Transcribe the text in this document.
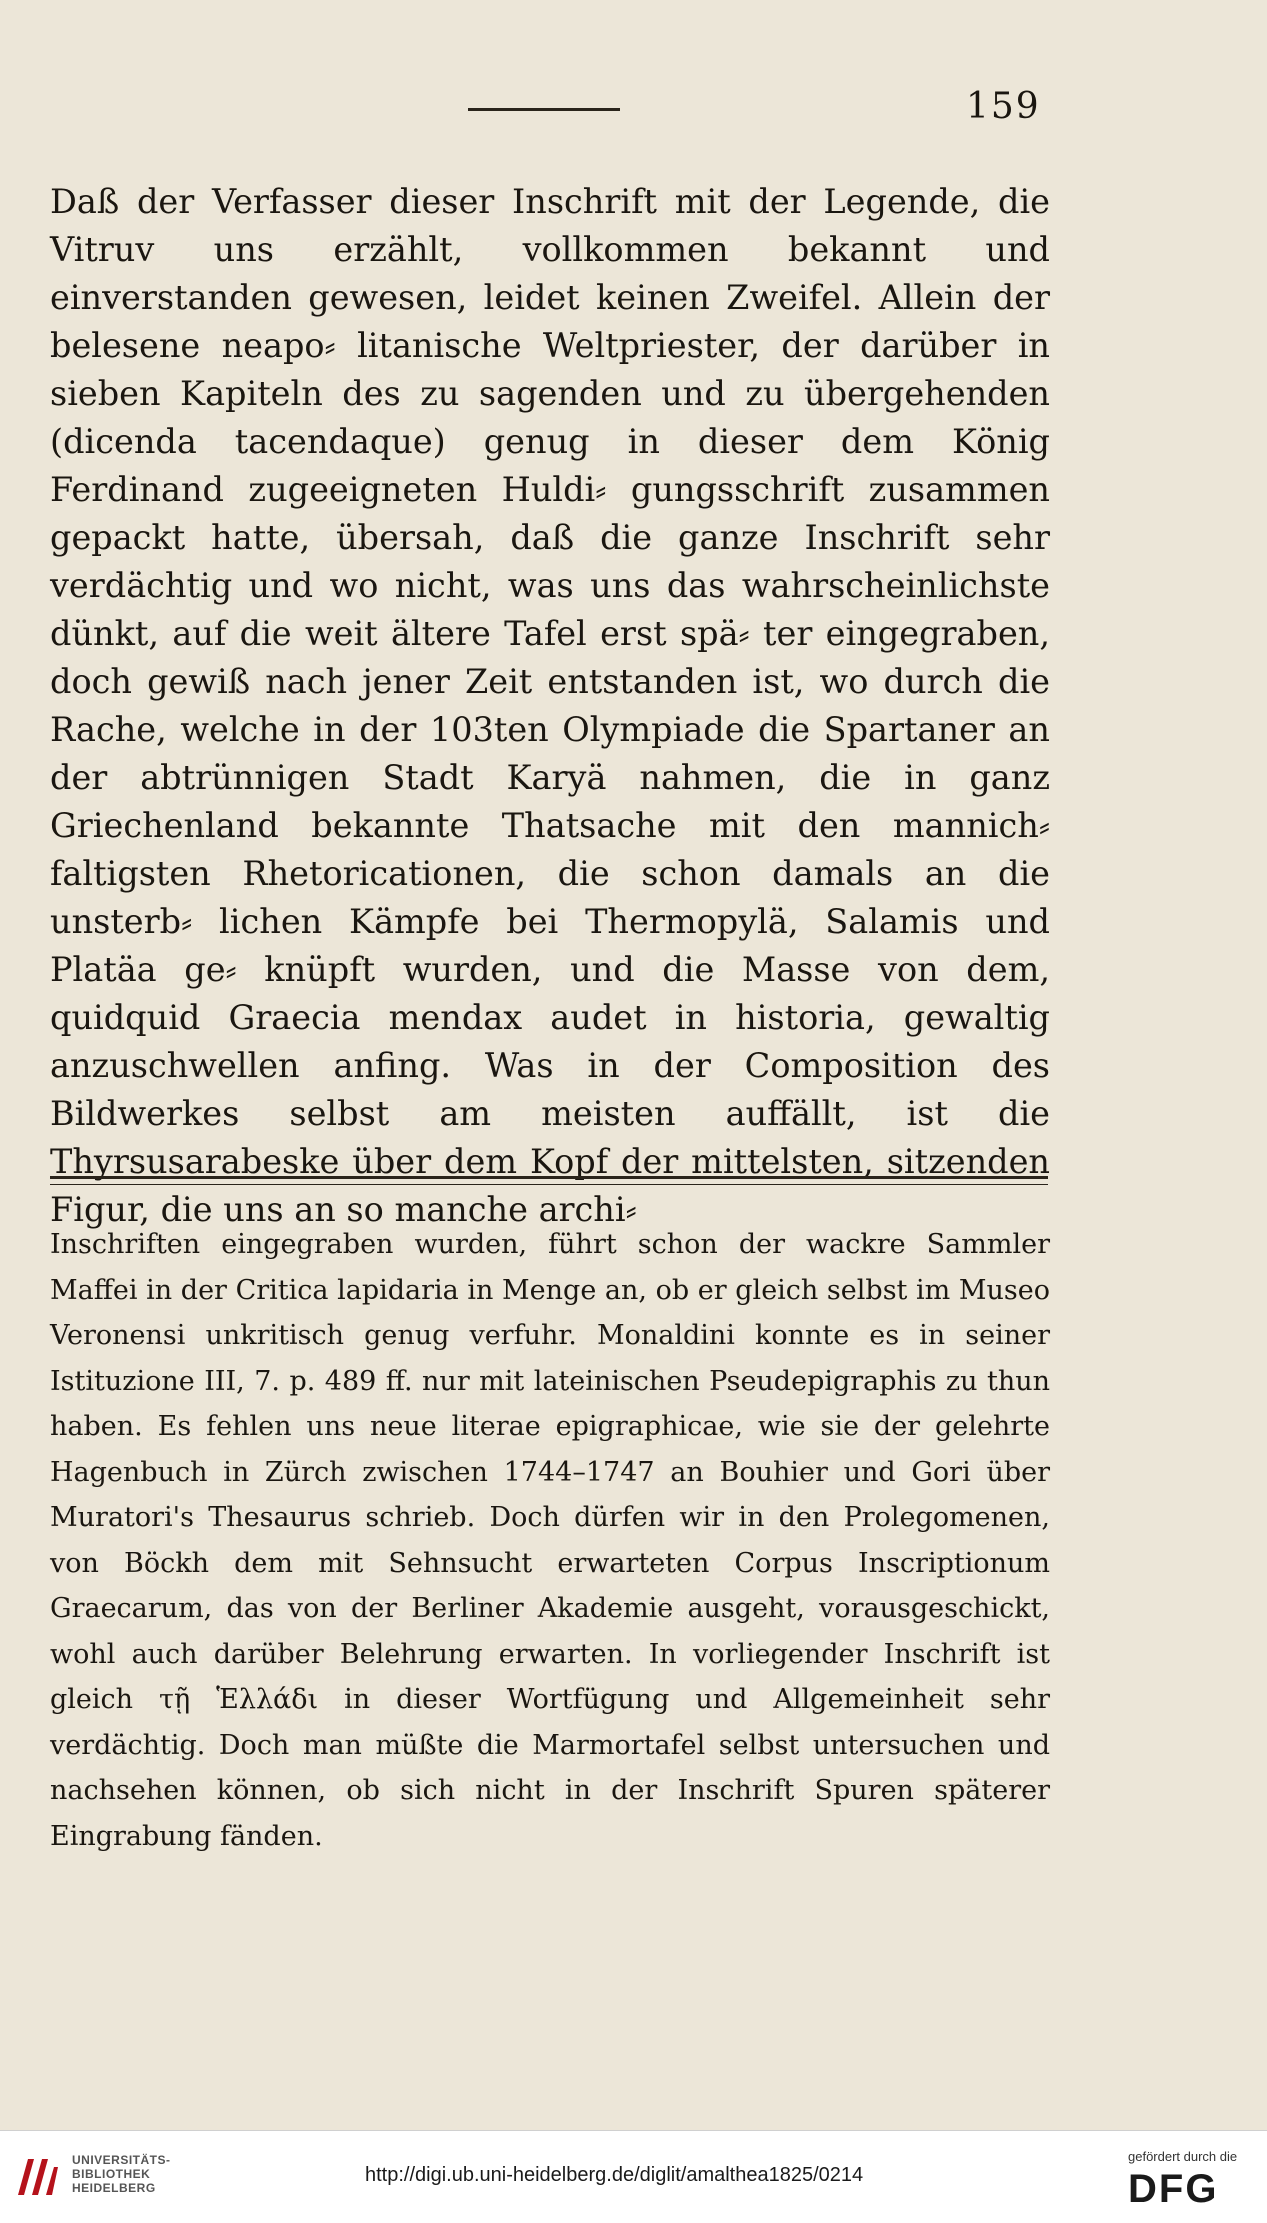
159

Daß der Verfasser dieser Inschrift mit der Legende, die Vitruv uns erzählt, vollkommen bekannt und einverstanden gewesen, leidet keinen Zweifel. Allein der belesene neapo⸗ litanische Weltpriester, der darüber in sieben Kapiteln des zu sagenden und zu übergehenden (dicenda tacendaque) genug in dieser dem König Ferdinand zugeeigneten Huldi⸗ gungsschrift zusammen gepackt hatte, übersah, daß die ganze Inschrift sehr verdächtig und wo nicht, was uns das wahrscheinlichste dünkt, auf die weit ältere Tafel erst spä⸗ ter eingegraben, doch gewiß nach jener Zeit entstanden ist, wo durch die Rache, welche in der 103ten Olympiade die Spartaner an der abtrünnigen Stadt Karyä nahmen, die in ganz Griechenland bekannte Thatsache mit den mannich⸗ faltigsten Rhetoricationen, die schon damals an die unsterb⸗ lichen Kämpfe bei Thermopylä, Salamis und Platäa ge⸗ knüpft wurden, und die Masse von dem, quidquid Graecia mendax audet in historia, gewaltig anzuschwellen anfing. Was in der Composition des Bildwerkes selbst am meisten auffällt, ist die Thyrsusarabeske über dem Kopf der mittelsten, sitzenden Figur, die uns an so manche archi⸗

Inschriften eingegraben wurden, führt schon der wackre Sammler Maffei in der Critica lapidaria in Menge an, ob er gleich selbst im Museo Veronensi unkritisch genug verfuhr. Monaldini konnte es in seiner Istituzione III, 7. p. 489 ff. nur mit lateinischen Pseudepigraphis zu thun haben. Es fehlen uns neue literae epigraphicae, wie sie der gelehrte Hagenbuch in Zürch zwischen 1744–1747 an Bouhier und Gori über Muratori's Thesaurus schrieb. Doch dürfen wir in den Prolegomenen, von Böckh dem mit Sehnsucht erwarteten Corpus Inscriptionum Graecarum, das von der Berliner Akademie ausgeht, vorausgeschickt, wohl auch darüber Belehrung erwarten. In vorliegender Inschrift ist gleich τῇ Ἑλλάδι in dieser Wortfügung und Allgemeinheit sehr verdächtig. Doch man müßte die Marmortafel selbst untersuchen und nachsehen können, ob sich nicht in der Inschrift Spuren späterer Eingrabung fänden.

UNIVERSITÄTS-
BIBLIOTHEK
HEIDELBERG
http://digi.ub.uni-heidelberg.de/diglit/amalthea1825/0214
gefördert durch die
DFG
